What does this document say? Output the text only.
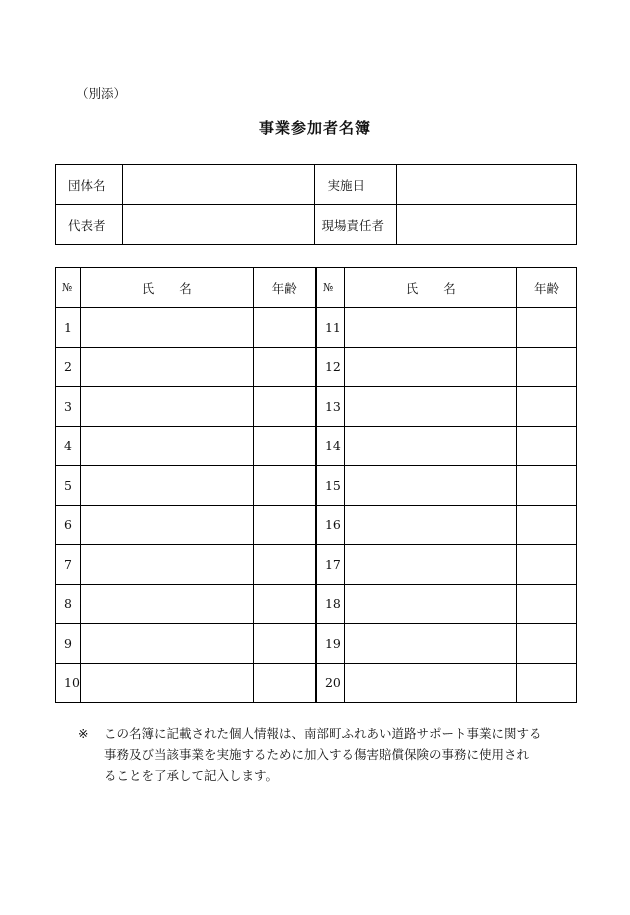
（別添）
事業参加者名簿
団体名		実施日	
代表者		現場責任者	
№	氏　　名	年齢	№	氏　　名	年齢
1			11		
2			12		
3			13		
4			14		
5			15		
6			16		
7			17		
8			18		
9			19		
10			20		
※ この名簿に記載された個人情報は、南部町ふれあい道路サポート事業に関する
事務及び当該事業を実施するために加入する傷害賠償保険の事務に使用され
ることを了承して記入します。
